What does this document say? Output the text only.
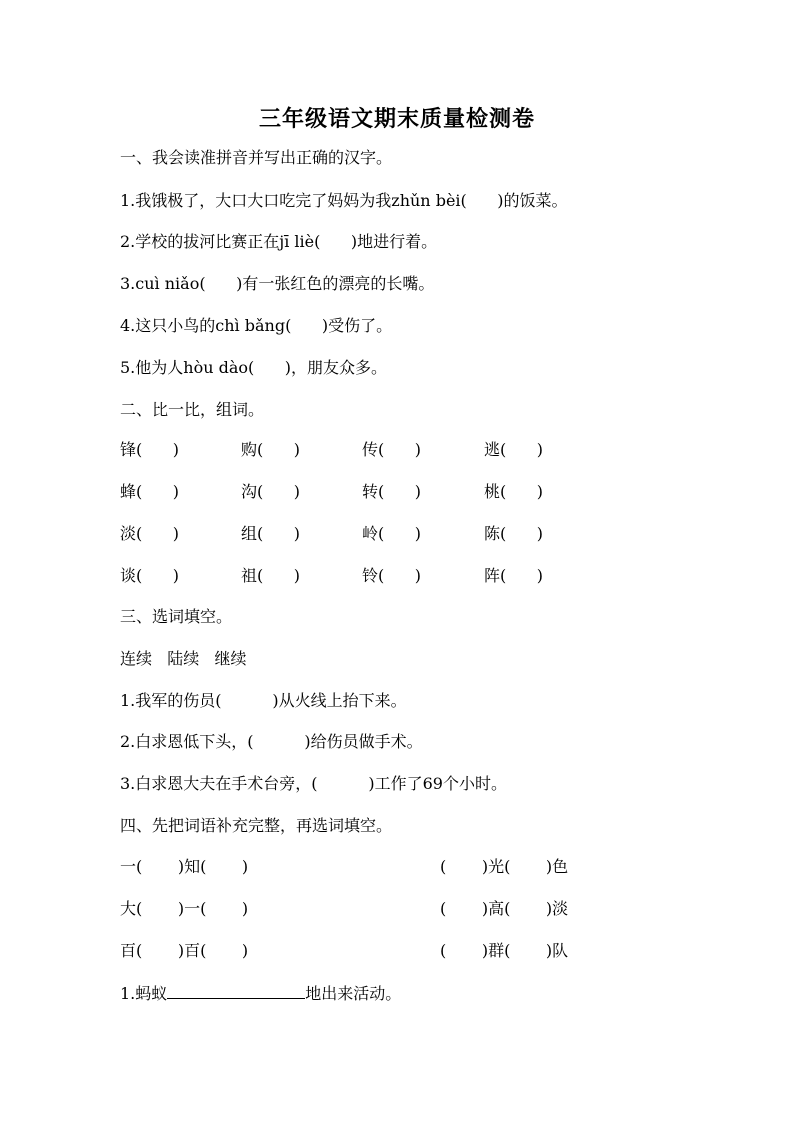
三年级语文期末质量检测卷
一、我会读准拼音并写出正确的汉字。
1.我饿极了，大口大口吃完了妈妈为我zhǔn bèi(      )的饭菜。
2.学校的拔河比赛正在jī liè(      )地进行着。
3.cuì niǎo(      )有一张红色的漂亮的长嘴。
4.这只小鸟的chì bǎng(      )受伤了。
5.他为人hòu dào(      )，朋友众多。
二、比一比，组词。
锋(      )	购(      )	传(      )	逃(      )
蜂(      )	沟(      )	转(      )	桃(      )
淡(      )	组(      )	岭(      )	陈(      )
谈(      )	祖(      )	铃(      )	阵(      )
三、选词填空。
连续   陆续   继续
1.我军的伤员(          )从火线上抬下来。
2.白求恩低下头，(          )给伤员做手术。
3.白求恩大夫在手术台旁，(          )工作了69个小时。
四、先把词语补充完整，再选词填空。
一(       )知(       )	(       )光(       )色
大(       )一(       )	(       )高(       )淡
百(       )百(       )	(       )群(       )队
1.蚂蚁	地出来活动。
